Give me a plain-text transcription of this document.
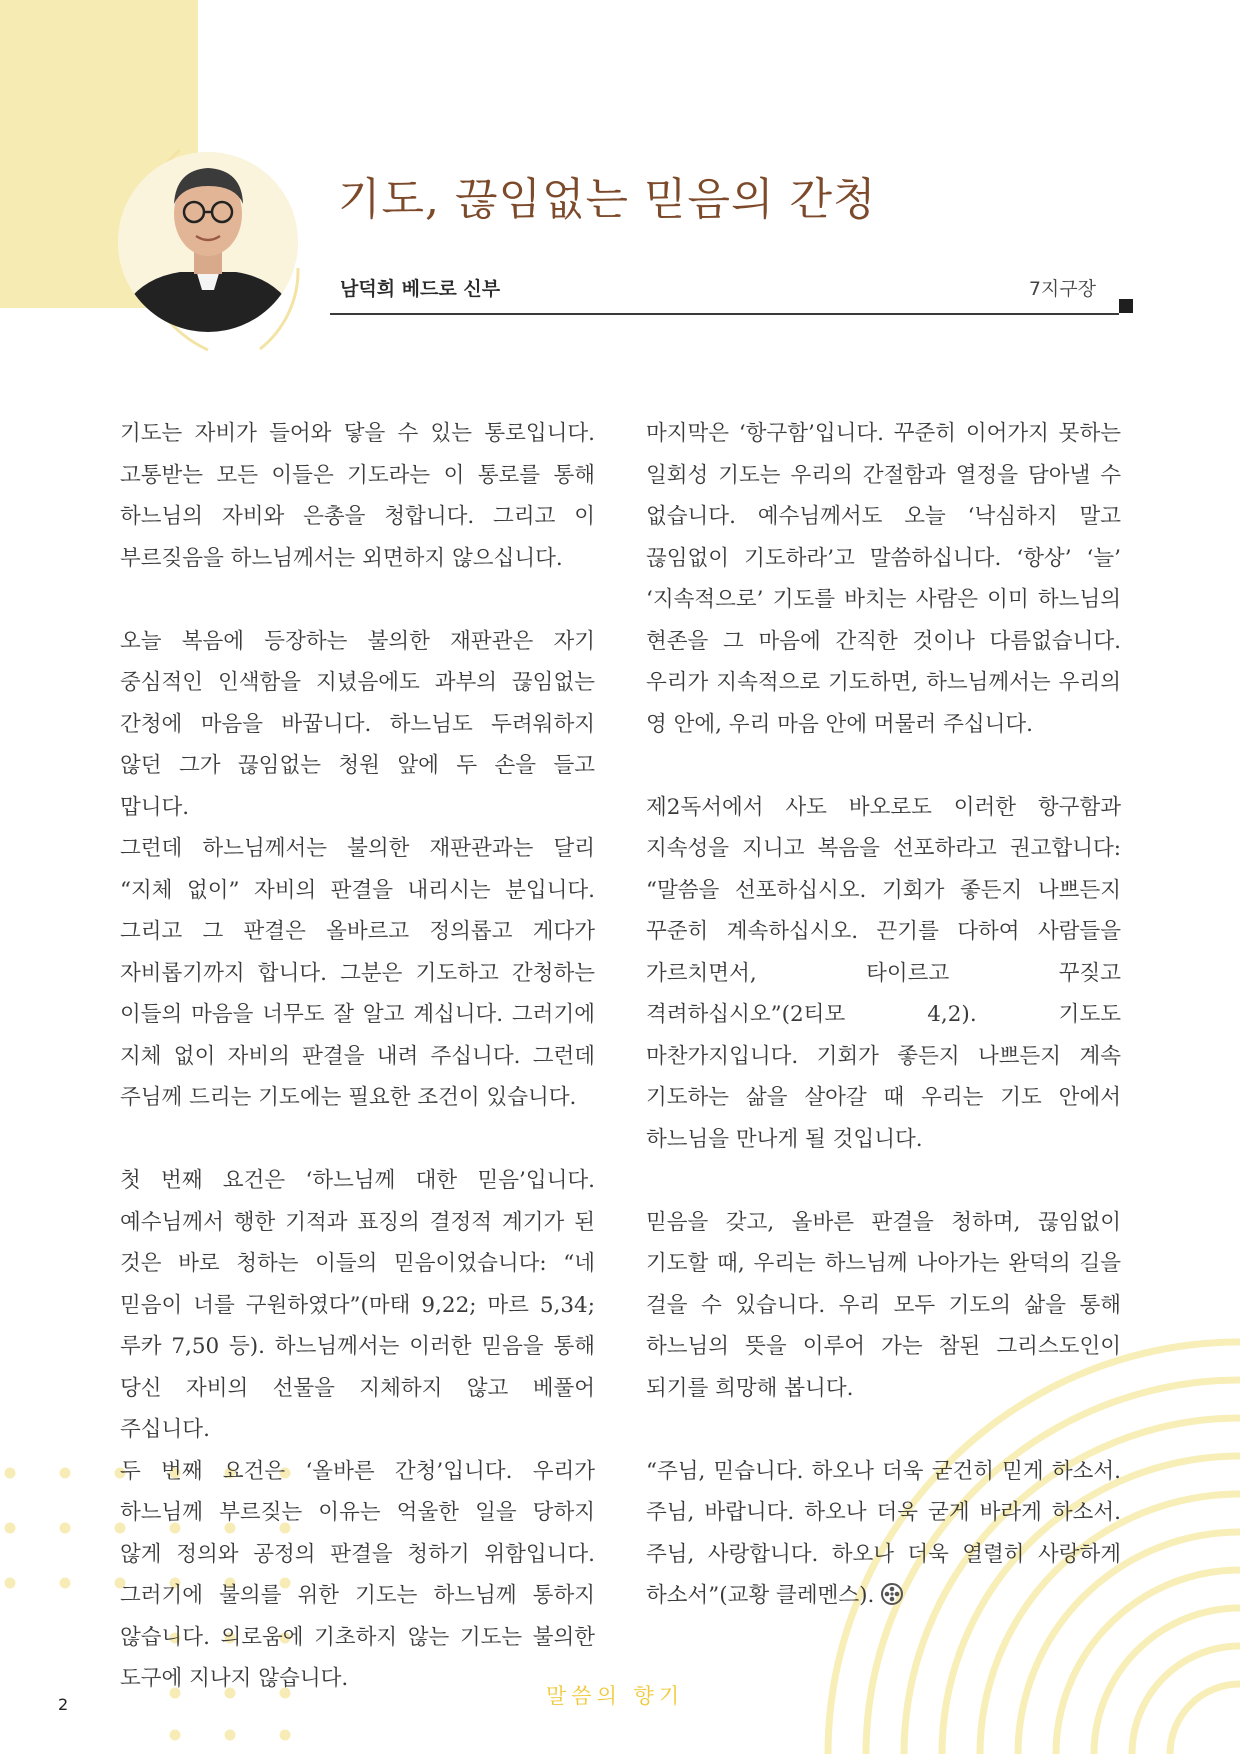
기도, 끊임없는 믿음의 간청
남덕희 베드로 신부	7지구장

기도는 자비가 들어와 닿을 수 있는 통로입니다. 고통받는 모든 이들은 기도라는 이 통로를 통해 하느님의 자비와 은총을 청합니다. 그리고 이 부르짖음을 하느님께서는 외면하지 않으십니다.

오늘 복음에 등장하는 불의한 재판관은 자기 중심적인 인색함을 지녔음에도 과부의 끊임없는 간청에 마음을 바꿉니다. 하느님도 두려워하지 않던 그가 끊임없는 청원 앞에 두 손을 들고 맙니다.

그런데 하느님께서는 불의한 재판관과는 달리 “지체 없이” 자비의 판결을 내리시는 분입니다. 그리고 그 판결은 올바르고 정의롭고 게다가 자비롭기까지 합니다. 그분은 기도하고 간청하는 이들의 마음을 너무도 잘 알고 계십니다. 그러기에 지체 없이 자비의 판결을 내려 주십니다. 그런데 주님께 드리는 기도에는 필요한 조건이 있습니다.

첫 번째 요건은 ‘하느님께 대한 믿음’입니다. 예수님께서 행한 기적과 표징의 결정적 계기가 된 것은 바로 청하는 이들의 믿음이었습니다: “네 믿음이 너를 구원하였다”(마태 9,22; 마르 5,34; 루카 7,50 등). 하느님께서는 이러한 믿음을 통해 당신 자비의 선물을 지체하지 않고 베풀어 주십니다.

두 번째 요건은 ‘올바른 간청’입니다. 우리가 하느님께 부르짖는 이유는 억울한 일을 당하지 않게 정의와 공정의 판결을 청하기 위함입니다. 그러기에 불의를 위한 기도는 하느님께 통하지 않습니다. 의로움에 기초하지 않는 기도는 불의한 도구에 지나지 않습니다.

마지막은 ‘항구함’입니다. 꾸준히 이어가지 못하는 일회성 기도는 우리의 간절함과 열정을 담아낼 수 없습니다. 예수님께서도 오늘 ‘낙심하지 말고 끊임없이 기도하라’고 말씀하십니다. ‘항상’ ‘늘’ ‘지속적으로’ 기도를 바치는 사람은 이미 하느님의 현존을 그 마음에 간직한 것이나 다름없습니다. 우리가 지속적으로 기도하면, 하느님께서는 우리의 영 안에, 우리 마음 안에 머물러 주십니다.

제2독서에서 사도 바오로도 이러한 항구함과 지속성을 지니고 복음을 선포하라고 권고합니다: “말씀을 선포하십시오. 기회가 좋든지 나쁘든지 꾸준히 계속하십시오. 끈기를 다하여 사람들을 가르치면서, 타이르고 꾸짖고 격려하십시오”(2티모 4,2). 기도도 마찬가지입니다. 기회가 좋든지 나쁘든지 계속 기도하는 삶을 살아갈 때 우리는 기도 안에서 하느님을 만나게 될 것입니다.

믿음을 갖고, 올바른 판결을 청하며, 끊임없이 기도할 때, 우리는 하느님께 나아가는 완덕의 길을 걸을 수 있습니다. 우리 모두 기도의 삶을 통해 하느님의 뜻을 이루어 가는 참된 그리스도인이 되기를 희망해 봅니다.

“주님, 믿습니다. 하오나 더욱 굳건히 믿게 하소서. 주님, 바랍니다. 하오나 더욱 굳게 바라게 하소서. 주님, 사랑합니다. 하오나 더욱 열렬히 사랑하게 하소서”(교황 클레멘스).

2	말씀의 향기
